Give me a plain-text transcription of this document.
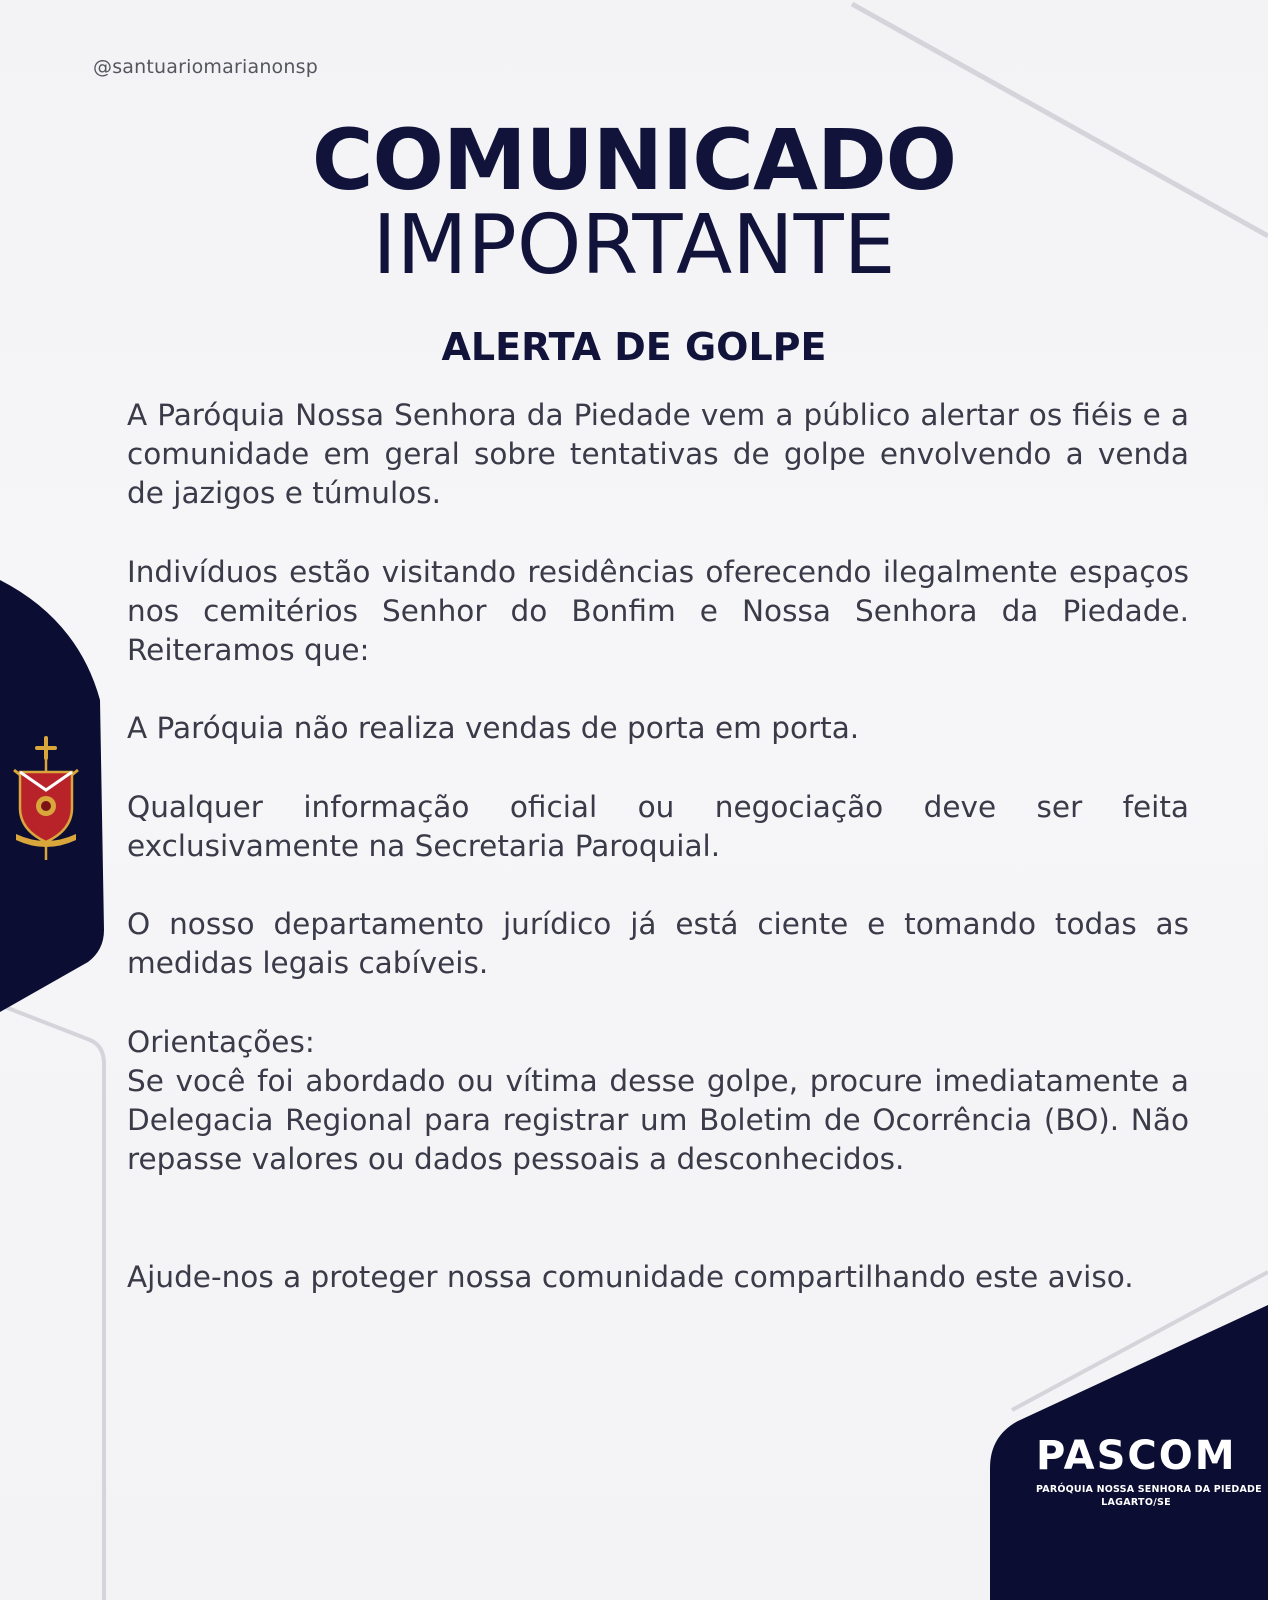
@santuariomarianonsp
COMUNICADO
IMPORTANTE
ALERTA DE GOLPE

A Paróquia Nossa Senhora da Piedade vem a público alertar os fiéis e a comunidade em geral sobre tentativas de golpe envolvendo a venda de jazigos e túmulos.

Indivíduos estão visitando residências oferecendo ilegalmente espaços nos cemitérios Senhor do Bonfim e Nossa Senhora da Piedade. Reiteramos que:

A Paróquia não realiza vendas de porta em porta.

Qualquer informação oficial ou negociação deve ser feita exclusivamente na Secretaria Paroquial.

O nosso departamento jurídico já está ciente e tomando todas as medidas legais cabíveis.

Orientações:

Se você foi abordado ou vítima desse golpe, procure imediatamente a Delegacia Regional para registrar um Boletim de Ocorrência (BO). Não repasse valores ou dados pessoais a desconhecidos.

Ajude-nos a proteger nossa comunidade compartilhando este aviso.

PASCOM
PARÓQUIA NOSSA SENHORA DA PIEDADE
LAGARTO/SE
